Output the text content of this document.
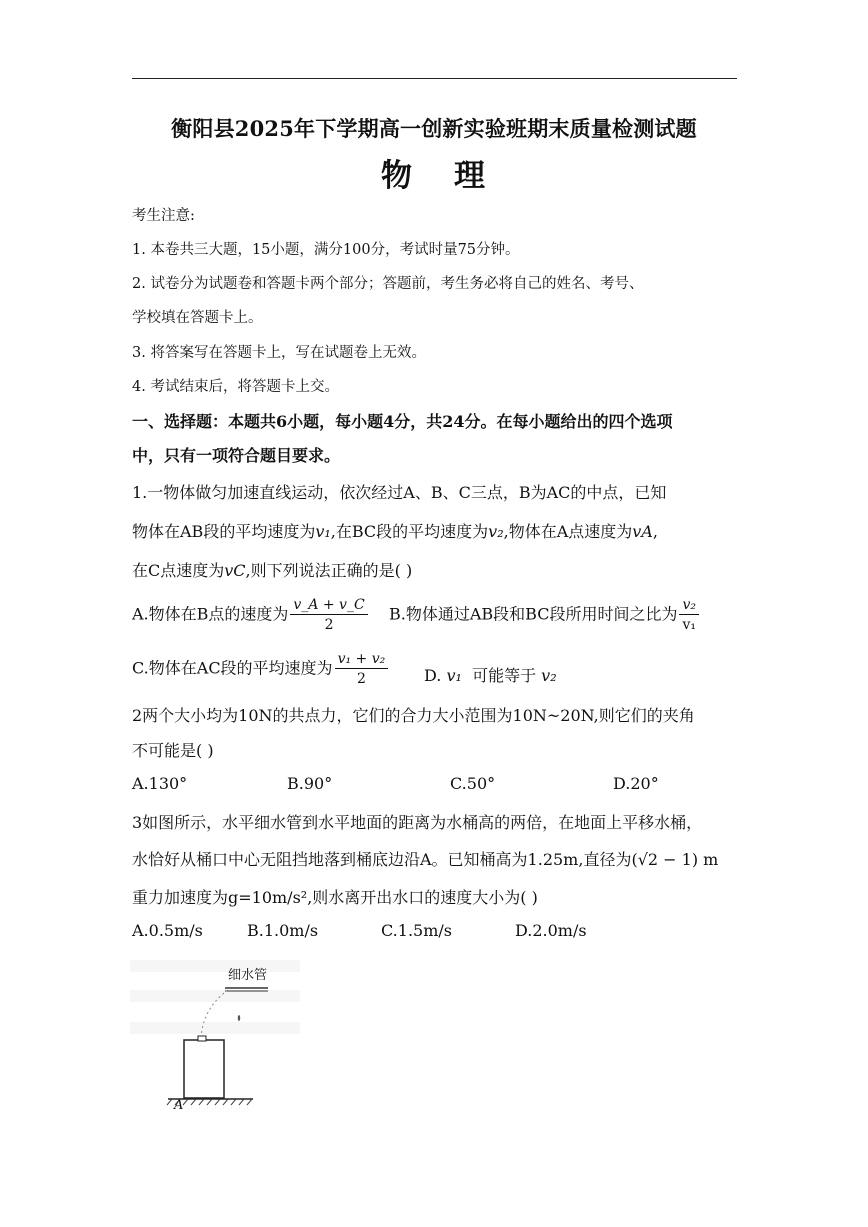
衡阳县2025年下学期高一创新实验班期末质量检测试题
物 理
考生注意:
1. 本卷共三大题，15小题，满分100分，考试时量75分钟。
2. 试卷分为试题卷和答题卡两个部分；答题前，考生务必将自己的姓名、考号、
学校填在答题卡上。
3. 将答案写在答题卡上，写在试题卷上无效。
4. 考试结束后，将答题卡上交。
一、选择题：本题共6小题，每小题4分，共24分。在每小题给出的四个选项
中，只有一项符合题目要求。
1.一物体做匀加速直线运动，依次经过A、B、C三点，B为AC的中点，已知
物体在AB段的平均速度为v₁,在BC段的平均速度为v₂,物体在A点速度为vA,
在C点速度为vC,则下列说法正确的是( )
A.物体在B点的速度为 $\frac{v\_A + v\_C}{2} B$.物体通过AB段和BC段所用时间之比为 $\frac{\text{v₂}}{\text{v₁}}$
C.物体在AC段的平均速度为 $\frac{\text{v₁ + v₂}}{2} D$. v₁ 可能等于 v₂
2两个大小均为10N的共点力，它们的合力大小范围为10N~20N,则它们的夹角
不可能是( )
A.130°	B.90°	C.50°	D.20°
3如图所示，水平细水管到水平地面的距离为水桶高的两倍，在地面上平移水桶，
水恰好从桶口中心无阻挡地落到桶底边沿A。已知桶高为1.25m,直径为(√2 − 1) m
重力加速度为g=10m/s²,则水离开出水口的速度大小为( )
A.0.5m/s	B.1.0m/s	C.1.5m/s	D.2.0m/s
细水管
A
